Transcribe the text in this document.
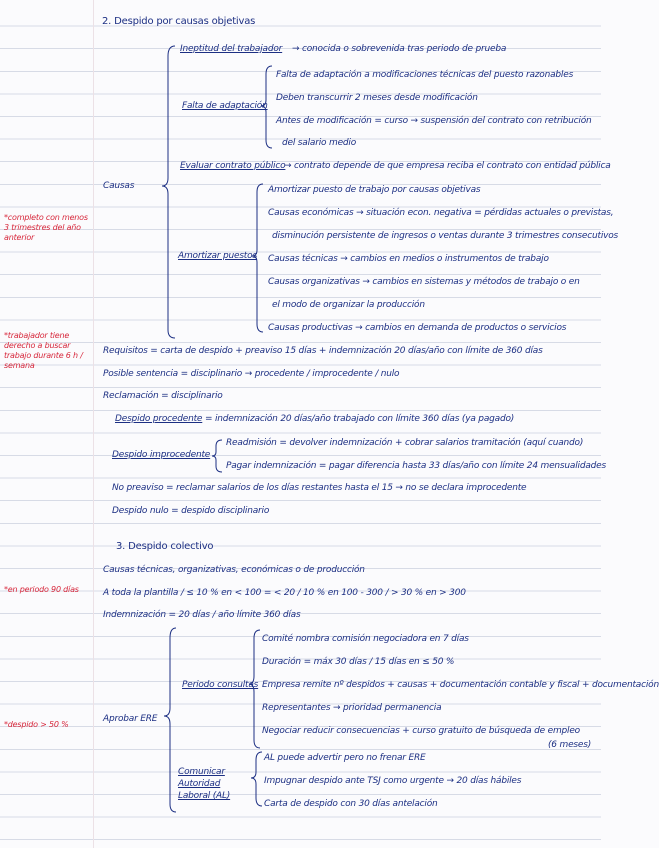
2. Despido por causas objetivas
Ineptitud del trabajador → conocida o sobrevenida tras periodo de prueba
Falta de adaptación
Falta de adaptación a modificaciones técnicas del puesto razonables
Deben transcurrir 2 meses desde modificación
Antes de modificación = curso → suspensión del contrato con retribución
del salario medio
Causas
Evaluar contrato público
→ contrato depende de que empresa reciba el contrato con entidad pública
Amortizar puestos
Amortizar puesto de trabajo por causas objetivas
Causas económicas → situación econ. negativa = pérdidas actuales o previstas,
disminución persistente de ingresos o ventas durante 3 trimestres consecutivos
Causas técnicas → cambios en medios o instrumentos de trabajo
Causas organizativas → cambios en sistemas y métodos de trabajo o en
el modo de organizar la producción
Causas productivas → cambios en demanda de productos o servicios
Requisitos = carta de despido + preaviso 15 días + indemnización 20 días/año con límite de 360 días
Posible sentencia = disciplinario → procedente / improcedente / nulo
Reclamación = disciplinario
Despido procedente = indemnización 20 días/año trabajado con límite 360 días (ya pagado)
Despido improcedente
Readmisión = devolver indemnización + cobrar salarios tramitación (aquí cuando)
Pagar indemnización = pagar diferencia hasta 33 días/año con límite 24 mensualidades
No preaviso = reclamar salarios de los días restantes hasta el 15 → no se declara improcedente
Despido nulo = despido disciplinario
3. Despido colectivo
Causas técnicas, organizativas, económicas o de producción
A toda la plantilla / ≤ 10 % en < 100 = < 20 / 10 % en 100 - 300 / > 30 % en > 300
Indemnización = 20 días / año límite 360 días
Aprobar ERE
Periodo consultas
Comité nombra comisión negociadora en 7 días
Duración = máx 30 días / 15 días en ≤ 50 %
Empresa remite nº despidos + causas + documentación contable y fiscal + documentación
Representantes → prioridad permanencia
Negociar reducir consecuencias + curso gratuito de búsqueda de empleo
(6 meses)
Comunicar Autoridad Laboral (AL)
AL puede advertir pero no frenar ERE
Impugnar despido ante TSJ como urgente → 20 días hábiles
Carta de despido con 30 días antelación
*completo con menos 3 trimestres del año anterior
*trabajador tiene derecho a buscar trabajo durante 6 h / semana
*en periodo 90 días
*despido > 50 %
